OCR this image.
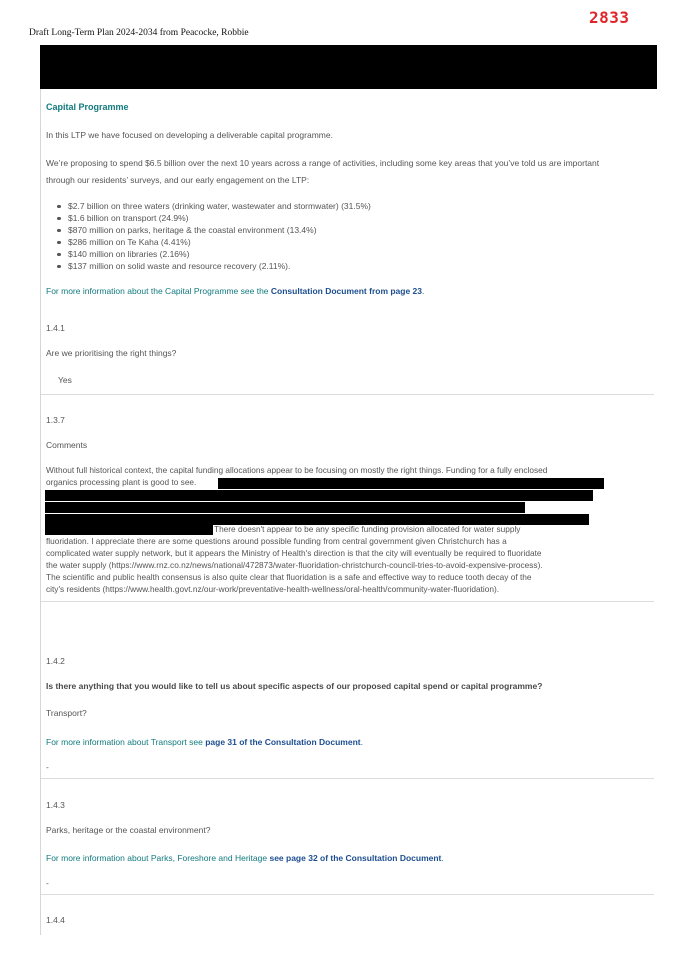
2833
Draft Long-Term Plan 2024-2034 from Peacocke, Robbie
Capital Programme
In this LTP we have focused on developing a deliverable capital programme.
We’re proposing to spend $6.5 billion over the next 10 years across a range of activities, including some key areas that you’ve told us are important
through our residents’ surveys, and our early engagement on the LTP:
$2.7 billion on three waters (drinking water, wastewater and stormwater) (31.5%)
$1.6 billion on transport (24.9%)
$870 million on parks, heritage & the coastal environment (13.4%)
$286 million on Te Kaha (4.41%)
$140 million on libraries (2.16%)
$137 million on solid waste and resource recovery (2.11%).
For more information about the Capital Programme see the Consultation Document from page 23.
1.4.1
Are we prioritising the right things?
Yes
1.3.7
Comments
Without full historical context, the capital funding allocations appear to be focusing on mostly the right things. Funding for a fully enclosed
organics processing plant is good to see.
There doesn't appear to be any specific funding provision allocated for water supply
fluoridation. I appreciate there are some questions around possible funding from central government given Christchurch has a
complicated water supply network, but it appears the Ministry of Health's direction is that the city will eventually be required to fluoridate
the water supply (https://www.rnz.co.nz/news/national/472873/water-fluoridation-christchurch-council-tries-to-avoid-expensive-process).
The scientific and public health consensus is also quite clear that fluoridation is a safe and effective way to reduce tooth decay of the
city's residents (https://www.health.govt.nz/our-work/preventative-health-wellness/oral-health/community-water-fluoridation).
1.4.2
Is there anything that you would like to tell us about specific aspects of our proposed capital spend or capital programme?
Transport?
For more information about Transport see page 31 of the Consultation Document.
-
1.4.3
Parks, heritage or the coastal environment?
For more information about Parks, Foreshore and Heritage see page 32 of the Consultation Document.
-
1.4.4
